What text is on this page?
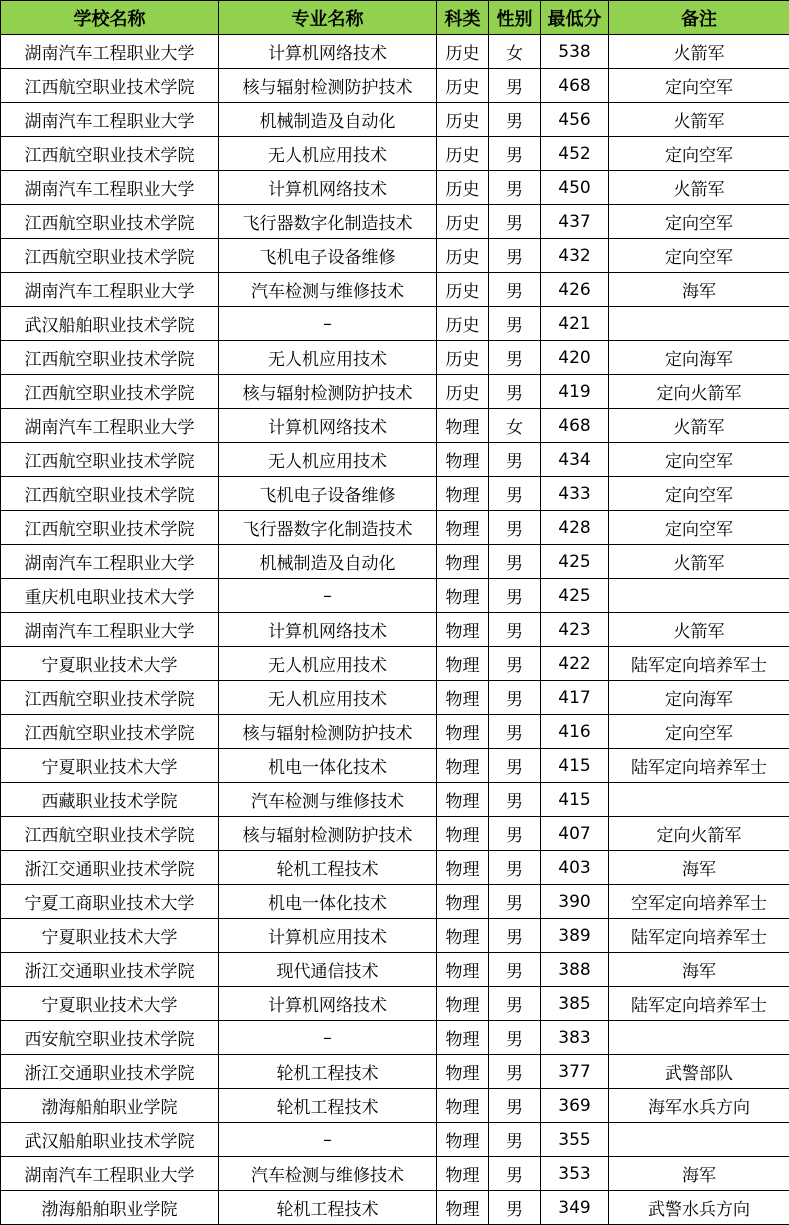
学校名称	专业名称	科类	性别	最低分	备注
湖南汽车工程职业大学	计算机网络技术	历史	女	538	火箭军
江西航空职业技术学院	核与辐射检测防护技术	历史	男	468	定向空军
湖南汽车工程职业大学	机械制造及自动化	历史	男	456	火箭军
江西航空职业技术学院	无人机应用技术	历史	男	452	定向空军
湖南汽车工程职业大学	计算机网络技术	历史	男	450	火箭军
江西航空职业技术学院	飞行器数字化制造技术	历史	男	437	定向空军
江西航空职业技术学院	飞机电子设备维修	历史	男	432	定向空军
湖南汽车工程职业大学	汽车检测与维修技术	历史	男	426	海军
武汉船舶职业技术学院	–	历史	男	421	
江西航空职业技术学院	无人机应用技术	历史	男	420	定向海军
江西航空职业技术学院	核与辐射检测防护技术	历史	男	419	定向火箭军
湖南汽车工程职业大学	计算机网络技术	物理	女	468	火箭军
江西航空职业技术学院	无人机应用技术	物理	男	434	定向空军
江西航空职业技术学院	飞机电子设备维修	物理	男	433	定向空军
江西航空职业技术学院	飞行器数字化制造技术	物理	男	428	定向空军
湖南汽车工程职业大学	机械制造及自动化	物理	男	425	火箭军
重庆机电职业技术大学	–	物理	男	425	
湖南汽车工程职业大学	计算机网络技术	物理	男	423	火箭军
宁夏职业技术大学	无人机应用技术	物理	男	422	陆军定向培养军士
江西航空职业技术学院	无人机应用技术	物理	男	417	定向海军
江西航空职业技术学院	核与辐射检测防护技术	物理	男	416	定向空军
宁夏职业技术大学	机电一体化技术	物理	男	415	陆军定向培养军士
西藏职业技术学院	汽车检测与维修技术	物理	男	415	
江西航空职业技术学院	核与辐射检测防护技术	物理	男	407	定向火箭军
浙江交通职业技术学院	轮机工程技术	物理	男	403	海军
宁夏工商职业技术大学	机电一体化技术	物理	男	390	空军定向培养军士
宁夏职业技术大学	计算机应用技术	物理	男	389	陆军定向培养军士
浙江交通职业技术学院	现代通信技术	物理	男	388	海军
宁夏职业技术大学	计算机网络技术	物理	男	385	陆军定向培养军士
西安航空职业技术学院	–	物理	男	383	
浙江交通职业技术学院	轮机工程技术	物理	男	377	武警部队
渤海船舶职业学院	轮机工程技术	物理	男	369	海军水兵方向
武汉船舶职业技术学院	–	物理	男	355	
湖南汽车工程职业大学	汽车检测与维修技术	物理	男	353	海军
渤海船舶职业学院	轮机工程技术	物理	男	349	武警水兵方向
